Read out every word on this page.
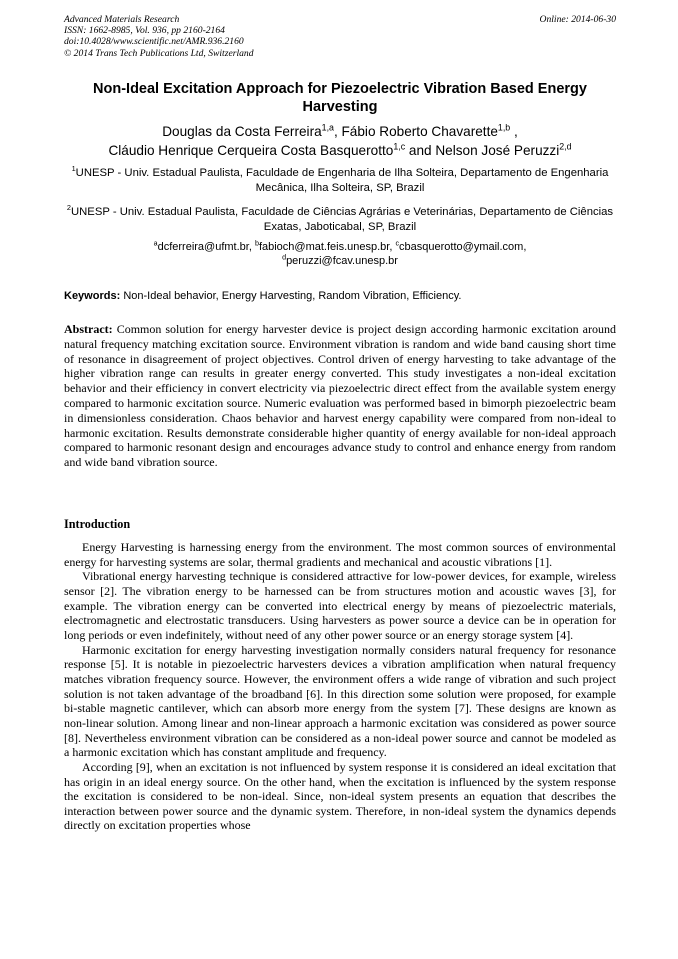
Advanced Materials Research
ISSN: 1662-8985, Vol. 936, pp 2160-2164
doi:10.4028/www.scientific.net/AMR.936.2160
© 2014 Trans Tech Publications Ltd, Switzerland
Online: 2014-06-30
Non-Ideal Excitation Approach for Piezoelectric Vibration Based Energy Harvesting
Douglas da Costa Ferreira$^{1,a}$, Fábio Roberto Chavarette$^{1,b}$ ,
Cláudio Henrique Cerqueira Costa Basquerotto$^{1,c}$ and Nelson José Peruzzi$^{2,d}$
$^1$UNESP - Univ. Estadual Paulista, Faculdade de Engenharia de Ilha Solteira, Departamento de Engenharia Mecânica, Ilha Solteira, SP, Brazil
$^2$UNESP - Univ. Estadual Paulista, Faculdade de Ciências Agrárias e Veterinárias, Departamento de Ciências Exatas, Jaboticabal, SP, Brazil
$^a$dcferreira@ufmt.br, $^b$fabioch@mat.feis.unesp.br, $^c$cbasquerotto@ymail.com,
$^d$peruzzi@fcav.unesp.br
Keywords: Non-Ideal behavior, Energy Harvesting, Random Vibration, Efficiency.

Abstract: Common solution for energy harvester device is project design according harmonic excitation around natural frequency matching excitation source. Environment vibration is random and wide band causing short time of resonance in disagreement of project objectives. Control driven of energy harvesting to take advantage of the higher vibration range can results in greater energy converted. This study investigates a non-ideal excitation behavior and their efficiency in convert electricity via piezoelectric direct effect from the available system energy compared to harmonic excitation source. Numeric evaluation was performed based in bimorph piezoelectric beam in dimensionless consideration. Chaos behavior and harvest energy capability were compared from non-ideal to harmonic excitation. Results demonstrate considerable higher quantity of energy available for non-ideal approach compared to harmonic resonant design and encourages advance study to control and enhance energy from random and wide band vibration source.

Introduction

Energy Harvesting is harnessing energy from the environment. The most common sources of environmental energy for harvesting systems are solar, thermal gradients and mechanical and acoustic vibrations [1].

Vibrational energy harvesting technique is considered attractive for low-power devices, for example, wireless sensor [2]. The vibration energy to be harnessed can be from structures motion and acoustic waves [3], for example. The vibration energy can be converted into electrical energy by means of piezoelectric materials, electromagnetic and electrostatic transducers. Using harvesters as power source a device can be in operation for long periods or even indefinitely, without need of any other power source or an energy storage system [4].

Harmonic excitation for energy harvesting investigation normally considers natural frequency for resonance response [5]. It is notable in piezoelectric harvesters devices a vibration amplification when natural frequency matches vibration frequency source. However, the environment offers a wide range of vibration and such project solution is not taken advantage of the broadband [6]. In this direction some solution were proposed, for example bi-stable magnetic cantilever, which can absorb more energy from the system [7]. These designs are known as non-linear solution. Among linear and non-linear approach a harmonic excitation was considered as power source [8]. Nevertheless environment vibration can be considered as a non-ideal power source and cannot be modeled as a harmonic excitation which has constant amplitude and frequency.

According [9], when an excitation is not influenced by system response it is considered an ideal excitation that has origin in an ideal energy source. On the other hand, when the excitation is influenced by the system response the excitation is considered to be non-ideal. Since, non-ideal system presents an equation that describes the interaction between power source and the dynamic system. Therefore, in non-ideal system the dynamics depends directly on excitation properties whose
